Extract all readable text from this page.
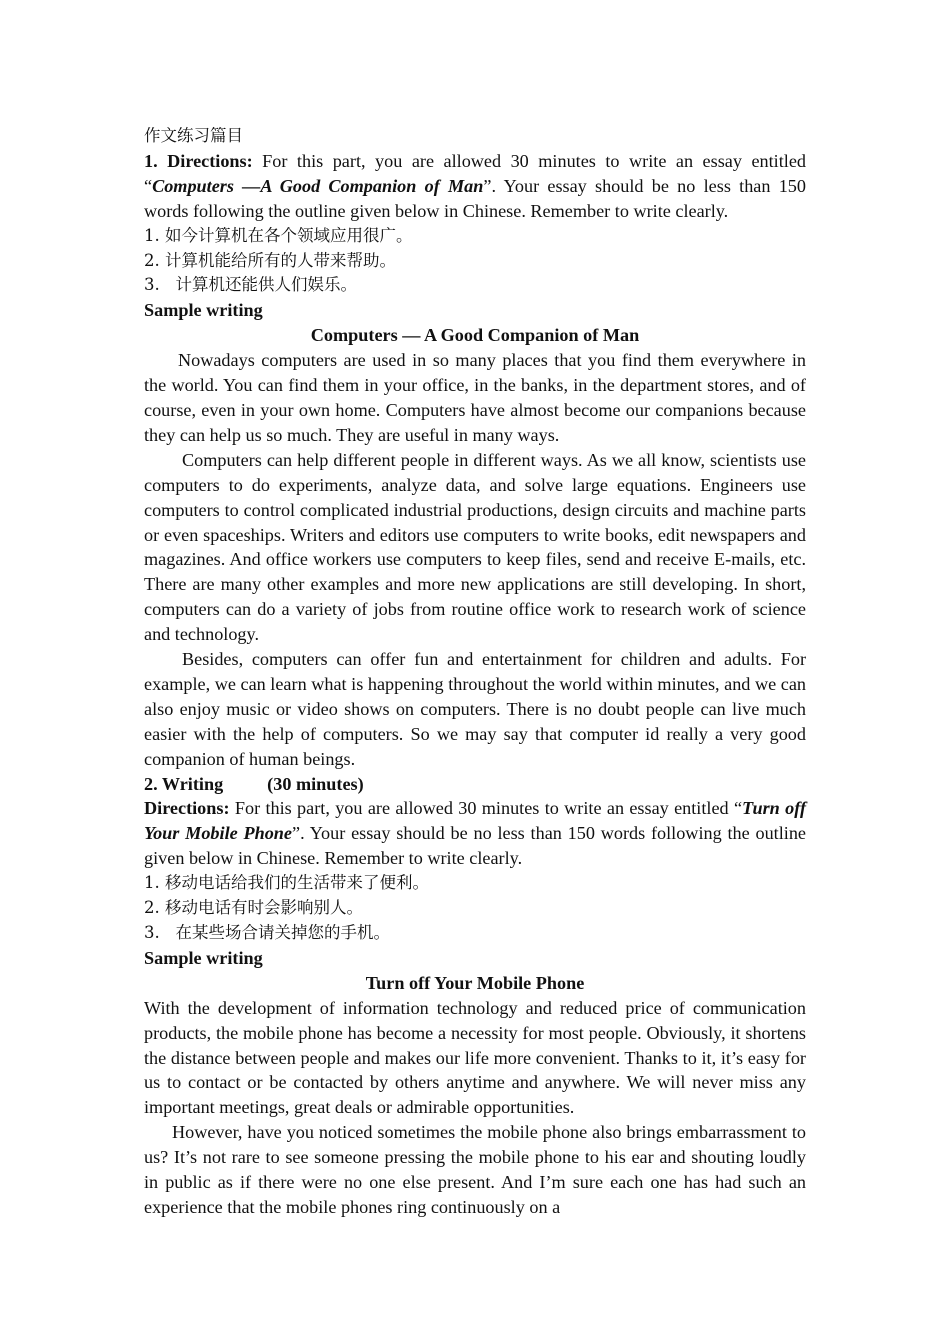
作文练习篇目

1. Directions: For this part, you are allowed 30 minutes to write an essay entitled “Computers —A Good Companion of Man”. Your essay should be no less than 150 words following the outline given below in Chinese. Remember to write clearly.

1. 如今计算机在各个领域应用很广。

2. 计算机能给所有的人带来帮助。

3.   计算机还能供人们娱乐。

Sample writing

Computers — A Good Companion of Man

Nowadays computers are used in so many places that you find them everywhere in the world. You can find them in your office, in the banks, in the department stores, and of course, even in your own home. Computers have almost become our companions because they can help us so much. They are useful in many ways.

Computers can help different people in different ways. As we all know, scientists use computers to do experiments, analyze data, and solve large equations. Engineers use computers to control complicated industrial productions, design circuits and machine parts or even spaceships. Writers and editors use computers to write books, edit newspapers and magazines. And office workers use computers to keep files, send and receive E-mails, etc. There are many other examples and more new applications are still developing. In short, computers can do a variety of jobs from routine office work to research work of science and technology.

Besides, computers can offer fun and entertainment for children and adults. For example, we can learn what is happening throughout the world within minutes, and we can also enjoy music or video shows on computers. There is no doubt people can live much easier with the help of computers. So we may say that computer id really a very good companion of human beings.

2. Writing (30 minutes)

Directions: For this part, you are allowed 30 minutes to write an essay entitled “Turn off Your Mobile Phone”. Your essay should be no less than 150 words following the outline given below in Chinese. Remember to write clearly.

1. 移动电话给我们的生活带来了便利。

2. 移动电话有时会影响别人。

3.   在某些场合请关掉您的手机。

Sample writing

Turn off Your Mobile Phone

With the development of information technology and reduced price of communication products, the mobile phone has become a necessity for most people. Obviously, it shortens the distance between people and makes our life more convenient. Thanks to it, it’s easy for us to contact or be contacted by others anytime and anywhere. We will never miss any important meetings, great deals or admirable opportunities.

However, have you noticed sometimes the mobile phone also brings embarrassment to us? It’s not rare to see someone pressing the mobile phone to his ear and shouting loudly in public as if there were no one else present. And I’m sure each one has had such an experience that the mobile phones ring continuously on a
